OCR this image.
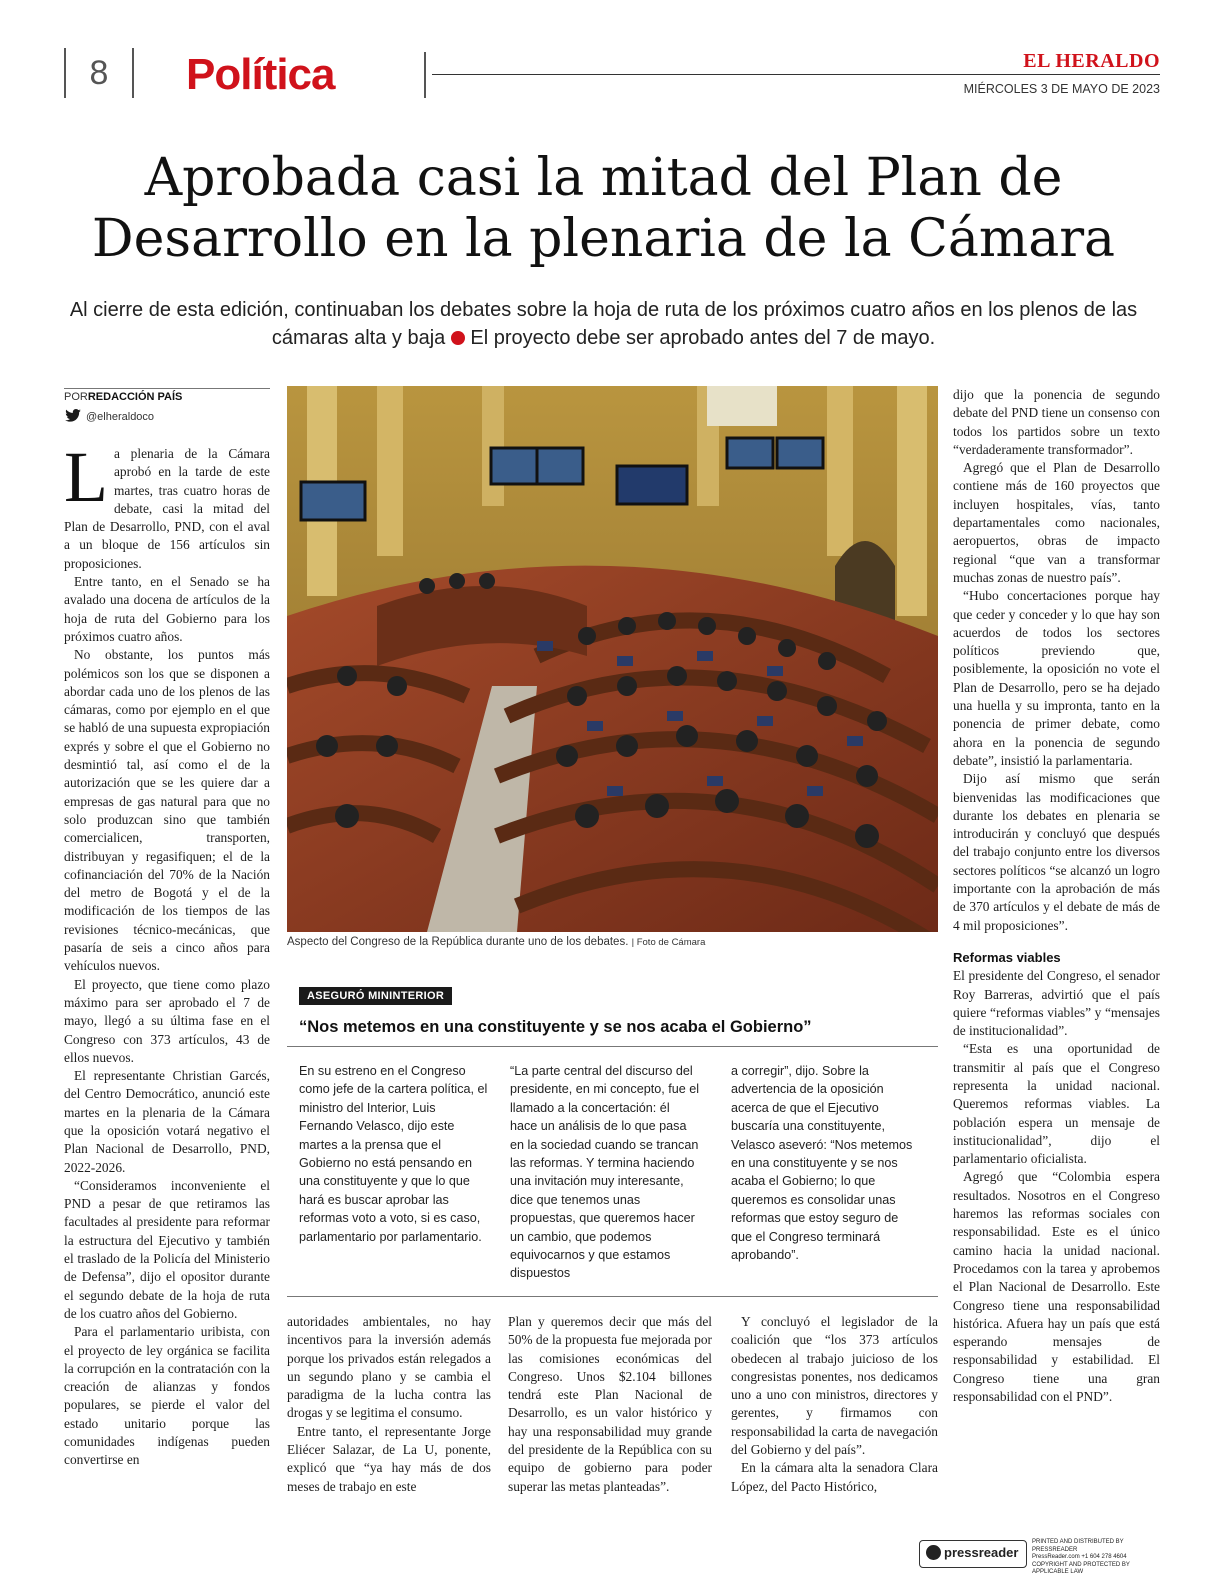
8	Política	EL HERALDO
MIÉRCOLES 3 DE MAYO DE 2023
Aprobada casi la mitad del Plan de
Desarrollo en la plenaria de la Cámara
Al cierre de esta edición, continuaban los debates sobre la hoja de ruta de los próximos cuatro años en los plenos de las cámaras alta y baja El proyecto debe ser aprobado antes del 7 de mayo.
PORREDACCIÓN PAÍS
@elheraldoco

La plenaria de la Cámara aprobó en la tarde de este martes, tras cuatro horas de debate, casi la mitad del Plan de Desarrollo, PND, con el aval a un bloque de 156 artículos sin proposiciones.

Entre tanto, en el Senado se ha avalado una docena de artículos de la hoja de ruta del Gobierno para los próximos cuatro años.

No obstante, los puntos más polémicos son los que se disponen a abordar cada uno de los plenos de las cámaras, como por ejemplo en el que se habló de una supuesta expropiación exprés y sobre el que el Gobierno no desmintió tal, así como el de la autorización que se les quiere dar a empresas de gas natural para que no solo produzcan sino que también comercialicen, transporten, distribuyan y regasifiquen; el de la cofinanciación del 70% de la Nación del metro de Bogotá y el de la modificación de los tiempos de las revisiones técnico-mecánicas, que pasaría de seis a cinco años para vehículos nuevos.

El proyecto, que tiene como plazo máximo para ser aprobado el 7 de mayo, llegó a su última fase en el Congreso con 373 artículos, 43 de ellos nuevos.

El representante Christian Garcés, del Centro Democrático, anunció este martes en la plenaria de la Cámara que la oposición votará negativo el Plan Nacional de Desarrollo, PND, 2022-2026.

“Consideramos inconveniente el PND a pesar de que retiramos las facultades al presidente para reformar la estructura del Ejecutivo y también el traslado de la Policía del Ministerio de Defensa”, dijo el opositor durante el segundo debate de la hoja de ruta de los cuatro años del Gobierno.

Para el parlamentario uribista, con el proyecto de ley orgánica se facilita la corrupción en la contratación con la creación de alianzas y fondos populares, se pierde el valor del estado unitario porque las comunidades indígenas pueden convertirse en

Aspecto del Congreso de la República durante uno de los debates. | Foto de Cámara
ASEGURÓ MININTERIOR
“Nos metemos en una constituyente y se nos acaba el Gobierno”

En su estreno en el Congreso como jefe de la cartera política, el ministro del Interior, Luis Fernando Velasco, dijo este martes a la prensa que el Gobierno no está pensando en una constituyente y que lo que hará es buscar aprobar las reformas voto a voto, si es caso, parlamentario por parlamentario.

“La parte central del discurso del presidente, en mi concepto, fue el llamado a la concertación: él hace un análisis de lo que pasa en la sociedad cuando se trancan las reformas. Y termina haciendo una invitación muy interesante, dice que tenemos unas propuestas, que queremos hacer un cambio, que podemos equivocarnos y que estamos dispuestos

a corregir”, dijo. Sobre la advertencia de la oposición acerca de que el Ejecutivo buscaría una constituyente, Velasco aseveró: “Nos metemos en una constituyente y se nos acaba el Gobierno; lo que queremos es consolidar unas reformas que estoy seguro de que el Congreso terminará aprobando”.

autoridades ambientales, no hay incentivos para la inversión además porque los privados están relegados a un segundo plano y se cambia el paradigma de la lucha contra las drogas y se legitima el consumo.

Entre tanto, el representante Jorge Eliécer Salazar, de La U, ponente, explicó que “ya hay más de dos meses de trabajo en este

Plan y queremos decir que más del 50% de la propuesta fue mejorada por las comisiones económicas del Congreso. Unos $2.104 billones tendrá este Plan Nacional de Desarrollo, es un valor histórico y hay una responsabilidad muy grande del presidente de la República con su equipo de gobierno para poder superar las metas planteadas”.

Y concluyó el legislador de la coalición que “los 373 artículos obedecen al trabajo juicioso de los congresistas ponentes, nos dedicamos uno a uno con ministros, directores y gerentes, y firmamos con responsabilidad la carta de navegación del Gobierno y del país”.

En la cámara alta la senadora Clara López, del Pacto Histórico,

dijo que la ponencia de segundo debate del PND tiene un consenso con todos los partidos sobre un texto “verdaderamente transformador”.

Agregó que el Plan de Desarrollo contiene más de 160 proyectos que incluyen hospitales, vías, tanto departamentales como nacionales, aeropuertos, obras de impacto regional “que van a transformar muchas zonas de nuestro país”.

“Hubo concertaciones porque hay que ceder y conceder y lo que hay son acuerdos de todos los sectores políticos previendo que, posiblemente, la oposición no vote el Plan de Desarrollo, pero se ha dejado una huella y su impronta, tanto en la ponencia de primer debate, como ahora en la ponencia de segundo debate”, insistió la parlamentaria.

Dijo así mismo que serán bienvenidas las modificaciones que durante los debates en plenaria se introducirán y concluyó que después del trabajo conjunto entre los diversos sectores políticos “se alcanzó un logro importante con la aprobación de más de 370 artículos y el debate de más de 4 mil proposiciones”.

Reformas viables

El presidente del Congreso, el senador Roy Barreras, advirtió que el país quiere “reformas viables” y “mensajes de institucionalidad”.

“Esta es una oportunidad de transmitir al país que el Congreso representa la unidad nacional. Queremos reformas viables. La población espera un mensaje de institucionalidad”, dijo el parlamentario oficialista.

Agregó que “Colombia espera resultados. Nosotros en el Congreso haremos las reformas sociales con responsabilidad. Este es el único camino hacia la unidad nacional. Procedamos con la tarea y aprobemos el Plan Nacional de Desarrollo. Este Congreso tiene una responsabilidad histórica. Afuera hay un país que está esperando mensajes de responsabilidad y estabilidad. El Congreso tiene una gran responsabilidad con el PND”.

pressreader
PRINTED AND DISTRIBUTED BY PRESSREADER
PressReader.com +1 604 278 4604
COPYRIGHT AND PROTECTED BY APPLICABLE LAW
